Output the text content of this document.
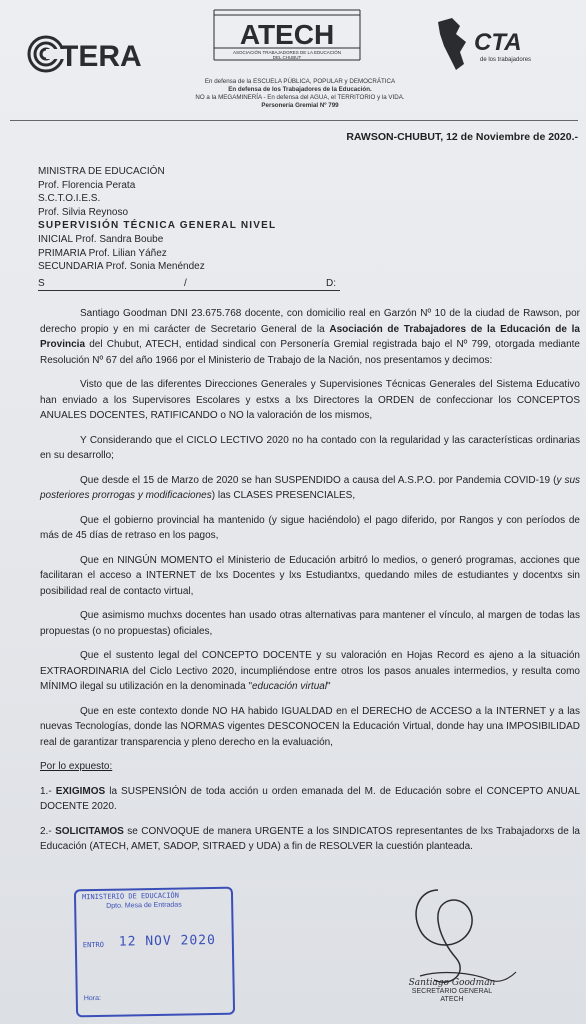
TERA
ATECH
ASOCIACIÓN TRABAJADORES DE LA EDUCACIÓN
DEL CHUBUT
CTA
de los trabajadores
En defensa de la ESCUELA PÚBLICA, POPULAR y DEMOCRÁTICA
En defensa de los Trabajadores de la Educación.
NO a la MEGAMINERÍA - En defensa del AGUA, el TERRITORIO y la VIDA.
Personería Gremial Nº 799
RAWSON-CHUBUT, 12 de Noviembre de 2020.-
MINISTRA DE EDUCACIÓN
Prof. Florencia Perata
S.C.T.O.I.E.S.
Prof. Silvia Reynoso
SUPERVISIÓN TÉCNICA GENERAL NIVEL
INICIAL Prof. Sandra Boube
PRIMARIA Prof. Lilian Yáñez
SECUNDARIA Prof. Sonia Menéndez
S	/	D:

Santiago Goodman DNI 23.675.768 docente, con domicilio real en Garzón Nº 10 de la ciudad de Rawson, por derecho propio y en mi carácter de Secretario General de la Asociación de Trabajadores de la Educación de la Provincia del Chubut, ATECH, entidad sindical con Personería Gremial registrada bajo el Nº 799, otorgada mediante Resolución Nº 67 del año 1966 por el Ministerio de Trabajo de la Nación, nos presentamos y decimos:

Visto que de las diferentes Direcciones Generales y Supervisiones Técnicas Generales del Sistema Educativo han enviado a los Supervisores Escolares y estxs a lxs Directores la ORDEN de confeccionar los CONCEPTOS ANUALES DOCENTES, RATIFICANDO o NO la valoración de los mismos,

Y Considerando que el CICLO LECTIVO 2020 no ha contado con la regularidad y las características ordinarias en su desarrollo;

Que desde el 15 de Marzo de 2020 se han SUSPENDIDO a causa del A.S.P.O. por Pandemia COVID-19 (y sus posteriores prorrogas y modificaciones) las CLASES PRESENCIALES,

Que el gobierno provincial ha mantenido (y sigue haciéndolo) el pago diferido, por Rangos y con períodos de más de 45 días de retraso en los pagos,

Que en NINGÚN MOMENTO el Ministerio de Educación arbitró lo medios, o generó programas, acciones que facilitaran el acceso a INTERNET de lxs Docentes y lxs Estudiantxs, quedando miles de estudiantes y docentxs sin posibilidad real de contacto virtual,

Que asimismo muchxs docentes han usado otras alternativas para mantener el vínculo, al margen de todas las propuestas (o no propuestas) oficiales,

Que el sustento legal del CONCEPTO DOCENTE y su valoración en Hojas Record es ajeno a la situación EXTRAORDINARIA del Ciclo Lectivo 2020, incumpliéndose entre otros los pasos anuales intermedios, y resulta como MÍNIMO ilegal su utilización en la denominada "educación virtual"

Que en este contexto donde NO HA habido IGUALDAD en el DERECHO de ACCESO a la INTERNET y a las nuevas Tecnologías, donde las NORMAS vigentes DESCONOCEN la Educación Virtual, donde hay una IMPOSIBILIDAD real de garantizar transparencia y pleno derecho en la evaluación,

Por lo expuesto:

1.- EXIGIMOS la SUSPENSIÓN de toda acción u orden emanada del M. de Educación sobre el CONCEPTO ANUAL DOCENTE 2020.

2.- SOLICITAMOS se CONVOQUE de manera URGENTE a los SINDICATOS representantes de lxs Trabajadorxs de la Educación (ATECH, AMET, SADOP, SITRAED y UDA) a fin de RESOLVER la cuestión planteada.

MINISTERIO DE EDUCACIÓN
Dpto. Mesa de Entradas
ENTRO 12 NOV 2020
Hora:
Santiago Goodman
SECRETARIO GENERAL
ATECH
